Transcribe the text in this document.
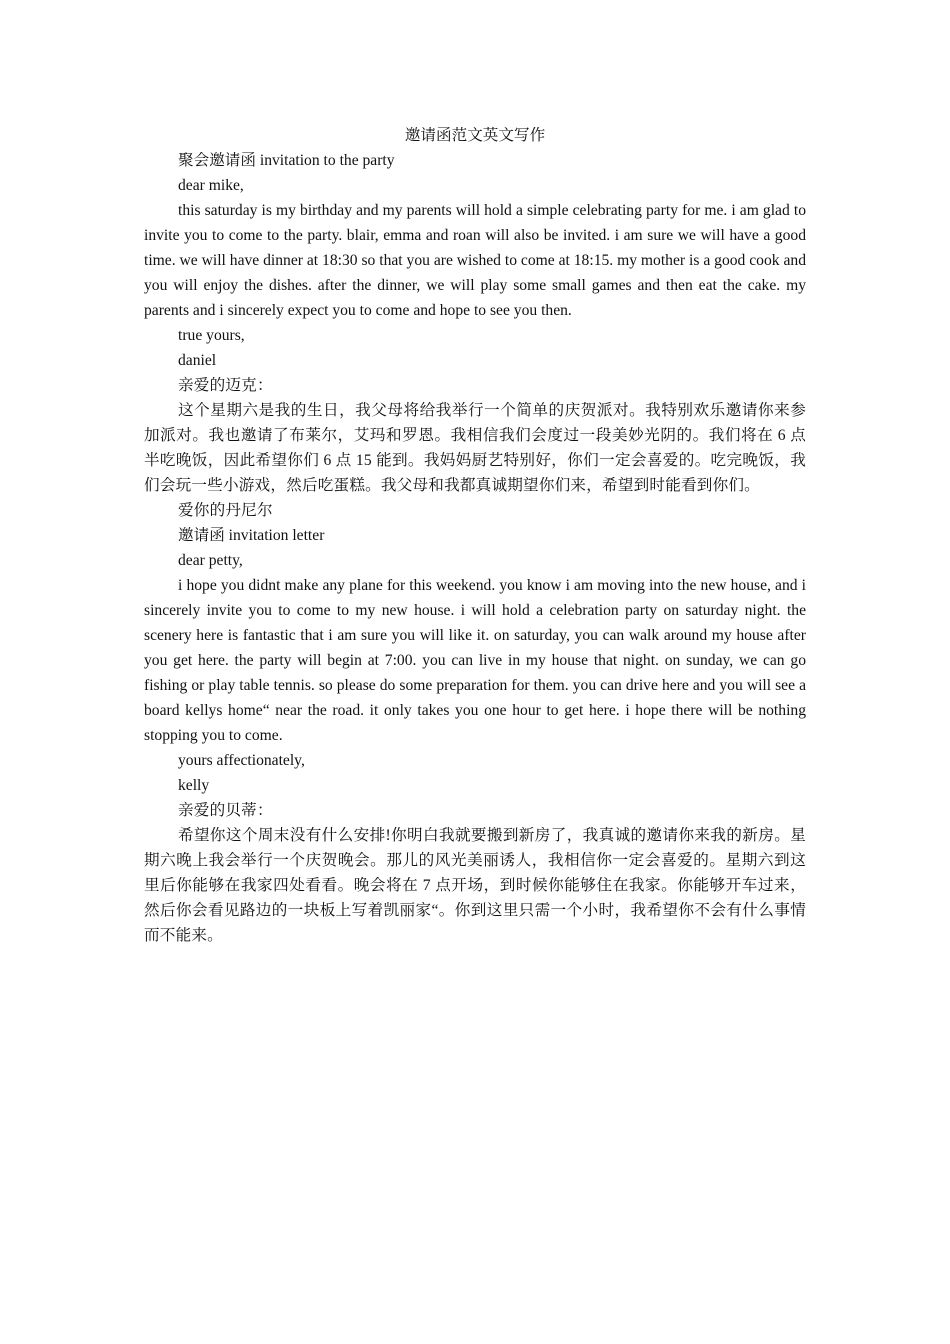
邀请函范文英文写作

聚会邀请函 invitation to the party

dear mike,

this saturday is my birthday and my parents will hold a simple celebrating party for me. i am glad to invite you to come to the party. blair, emma and roan will also be invited. i am sure we will have a good time. we will have dinner at 18:30 so that you are wished to come at 18:15. my mother is a good cook and you will enjoy the dishes. after the dinner, we will play some small games and then eat the cake. my parents and i sincerely expect you to come and hope to see you then.

true yours,

daniel

亲爱的迈克：

这个星期六是我的生日，我父母将给我举行一个简单的庆贺派对。我特别欢乐邀请你来参加派对。我也邀请了布莱尔，艾玛和罗恩。我相信我们会度过一段美妙光阴的。我们将在 6 点半吃晚饭，因此希望你们 6 点 15 能到。我妈妈厨艺特别好，你们一定会喜爱的。吃完晚饭，我们会玩一些小游戏，然后吃蛋糕。我父母和我都真诚期望你们来，希望到时能看到你们。

爱你的丹尼尔

邀请函 invitation letter

dear petty,

i hope you didnt make any plane for this weekend. you know i am moving into the new house, and i sincerely invite you to come to my new house. i will hold a celebration party on saturday night. the scenery here is fantastic that i am sure you will like it. on saturday, you can walk around my house after you get here. the party will begin at 7:00. you can live in my house that night. on sunday, we can go fishing or play table tennis. so please do some preparation for them. you can drive here and you will see a board kellys home“ near the road. it only takes you one hour to get here. i hope there will be nothing stopping you to come.

yours affectionately,

kelly

亲爱的贝蒂：

希望你这个周末没有什么安排!你明白我就要搬到新房了，我真诚的邀请你来我的新房。星期六晚上我会举行一个庆贺晚会。那儿的风光美丽诱人，我相信你一定会喜爱的。星期六到这里后你能够在我家四处看看。晚会将在 7 点开场，到时候你能够住在我家。你能够开车过来，然后你会看见路边的一块板上写着凯丽家“。你到这里只需一个小时，我希望你不会有什么事情而不能来。
